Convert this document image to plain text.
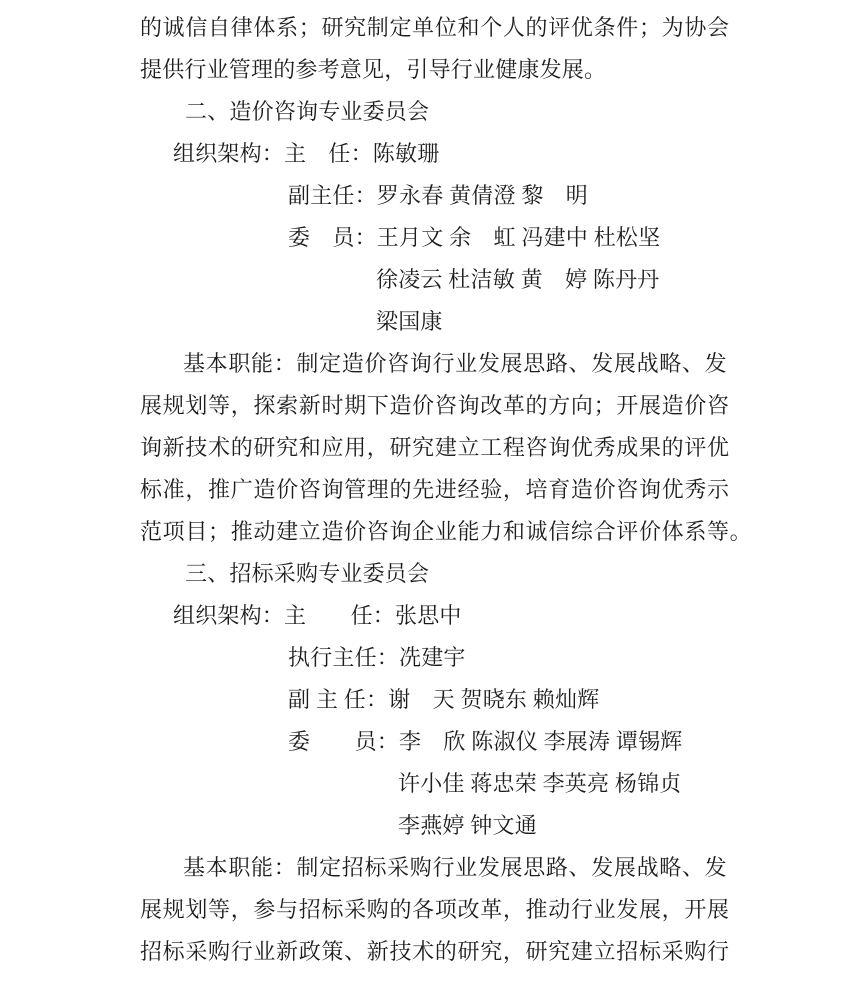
的诚信自律体系；研究制定单位和个人的评优条件；为协会
提供行业管理的参考意见，引导行业健康发展。
二、造价咨询专业委员会
组织架构：主　任：陈敏珊
副主任：罗永春 黄倩澄 黎　明
委　员：王月文 余　虹 冯建中 杜松坚
徐凌云 杜洁敏 黄　婷 陈丹丹
梁国康
基本职能：制定造价咨询行业发展思路、发展战略、发
展规划等，探索新时期下造价咨询改革的方向；开展造价咨
询新技术的研究和应用，研究建立工程咨询优秀成果的评优
标准，推广造价咨询管理的先进经验，培育造价咨询优秀示
范项目；推动建立造价咨询企业能力和诚信综合评价体系等。
三、招标采购专业委员会
组织架构：主　　任：张思中
执行主任：冼建宇
副 主 任：谢　天 贺晓东 赖灿辉
委　　员：李　欣 陈淑仪 李展涛 谭锡辉
许小佳 蒋忠荣 李英亮 杨锦贞
李燕婷 钟文通
基本职能：制定招标采购行业发展思路、发展战略、发
展规划等，参与招标采购的各项改革，推动行业发展，开展
招标采购行业新政策、新技术的研究，研究建立招标采购行
